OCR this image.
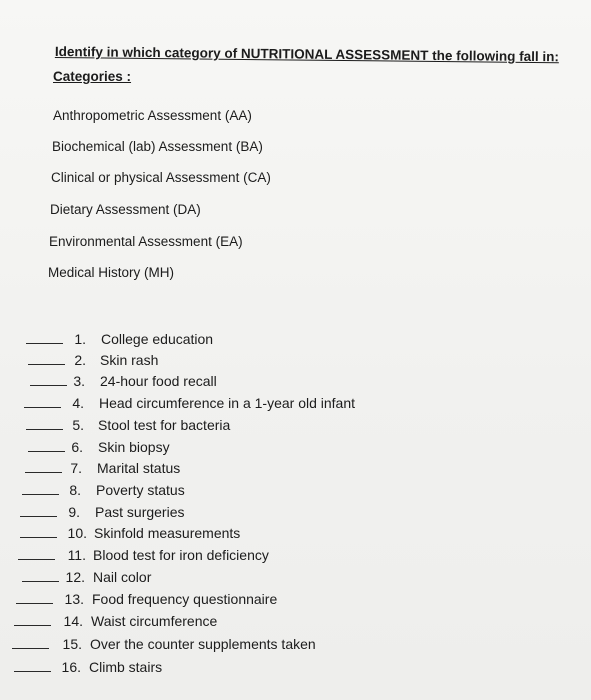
Identify in which category of NUTRITIONAL ASSESSMENT the following fall in:
Categories :
Anthropometric Assessment (AA)
Biochemical (lab) Assessment (BA)
Clinical or physical Assessment (CA)
Dietary Assessment (DA)
Environmental Assessment (EA)
Medical History (MH)
1. College education
2. Skin rash
3. 24-hour food recall
4. Head circumference in a 1-year old infant
5. Stool test for bacteria
6. Skin biopsy
7. Marital status
8. Poverty status
9. Past surgeries
10. Skinfold measurements
11. Blood test for iron deficiency
12. Nail color
13. Food frequency questionnaire
14. Waist circumference
15. Over the counter supplements taken
16. Climb stairs
